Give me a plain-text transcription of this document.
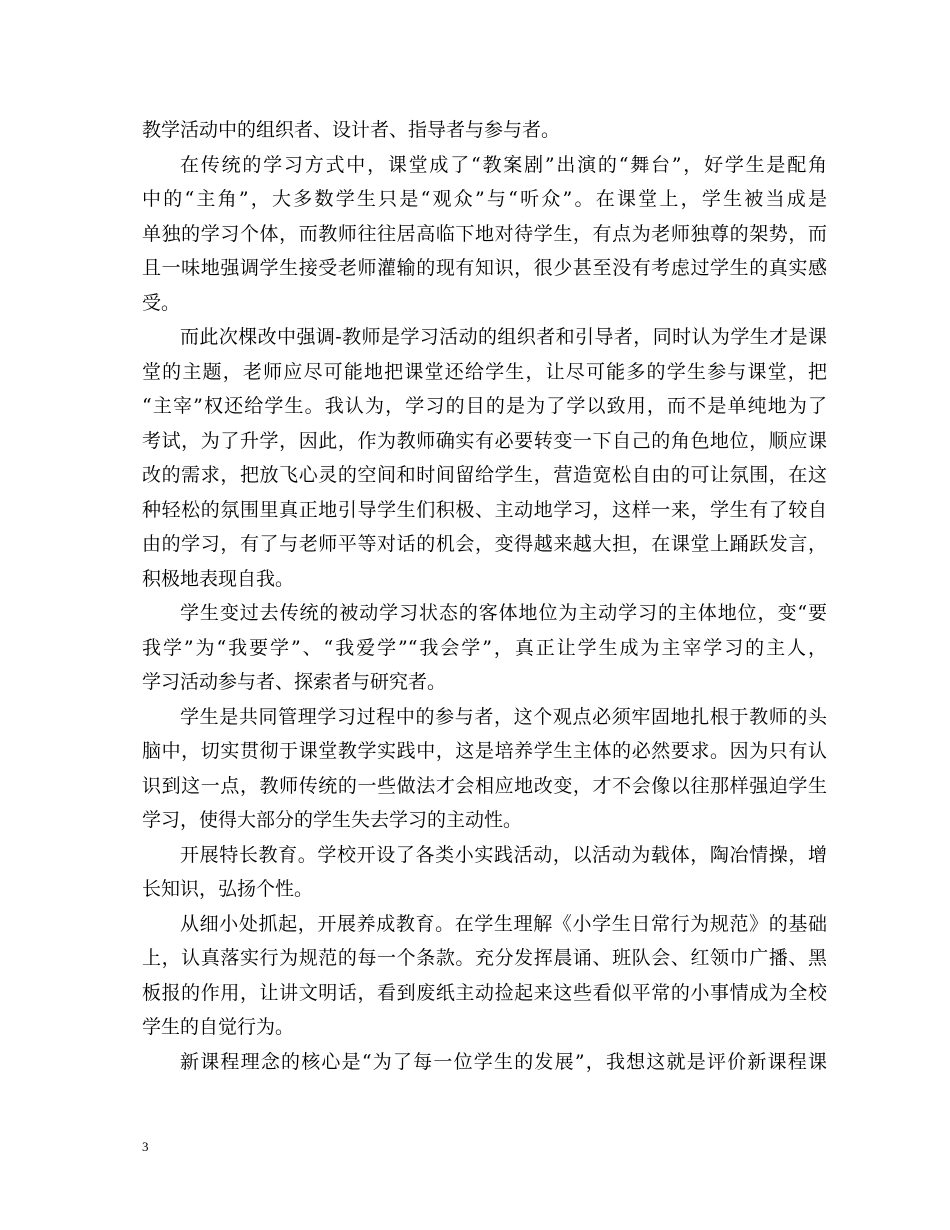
教学活动中的组织者、设计者、指导者与参与者。
在传统的学习方式中，课堂成了“教案剧”出演的“舞台”，好学生是配角
中的“主角”，大多数学生只是“观众”与“听众”。在课堂上，学生被当成是
单独的学习个体，而教师往往居高临下地对待学生，有点为老师独尊的架势，而
且一味地强调学生接受老师灌输的现有知识，很少甚至没有考虑过学生的真实感
受。
而此次棵改中强调-教师是学习活动的组织者和引导者，同时认为学生才是课
堂的主题，老师应尽可能地把课堂还给学生，让尽可能多的学生参与课堂，把
“主宰”权还给学生。我认为，学习的目的是为了学以致用，而不是单纯地为了
考试，为了升学，因此，作为教师确实有必要转变一下自己的角色地位，顺应课
改的需求，把放飞心灵的空间和时间留给学生，营造宽松自由的可让氛围，在这
种轻松的氛围里真正地引导学生们积极、主动地学习，这样一来，学生有了较自
由的学习，有了与老师平等对话的机会，变得越来越大担，在课堂上踊跃发言，
积极地表现自我。
学生变过去传统的被动学习状态的客体地位为主动学习的主体地位，变“要
我学”为“我要学”、“我爱学”“我会学”，真正让学生成为主宰学习的主人，
学习活动参与者、探索者与研究者。
学生是共同管理学习过程中的参与者，这个观点必须牢固地扎根于教师的头
脑中，切实贯彻于课堂教学实践中，这是培养学生主体的必然要求。因为只有认
识到这一点，教师传统的一些做法才会相应地改变，才不会像以往那样强迫学生
学习，使得大部分的学生失去学习的主动性。
开展特长教育。学校开设了各类小实践活动，以活动为载体，陶冶情操，增
长知识，弘扬个性。
从细小处抓起，开展养成教育。在学生理解《小学生日常行为规范》的基础
上，认真落实行为规范的每一个条款。充分发挥晨诵、班队会、红领巾广播、黑
板报的作用，让讲文明话，看到废纸主动捡起来这些看似平常的小事情成为全校
学生的自觉行为。
新课程理念的核心是“为了每一位学生的发展”，我想这就是评价新课程课
3
